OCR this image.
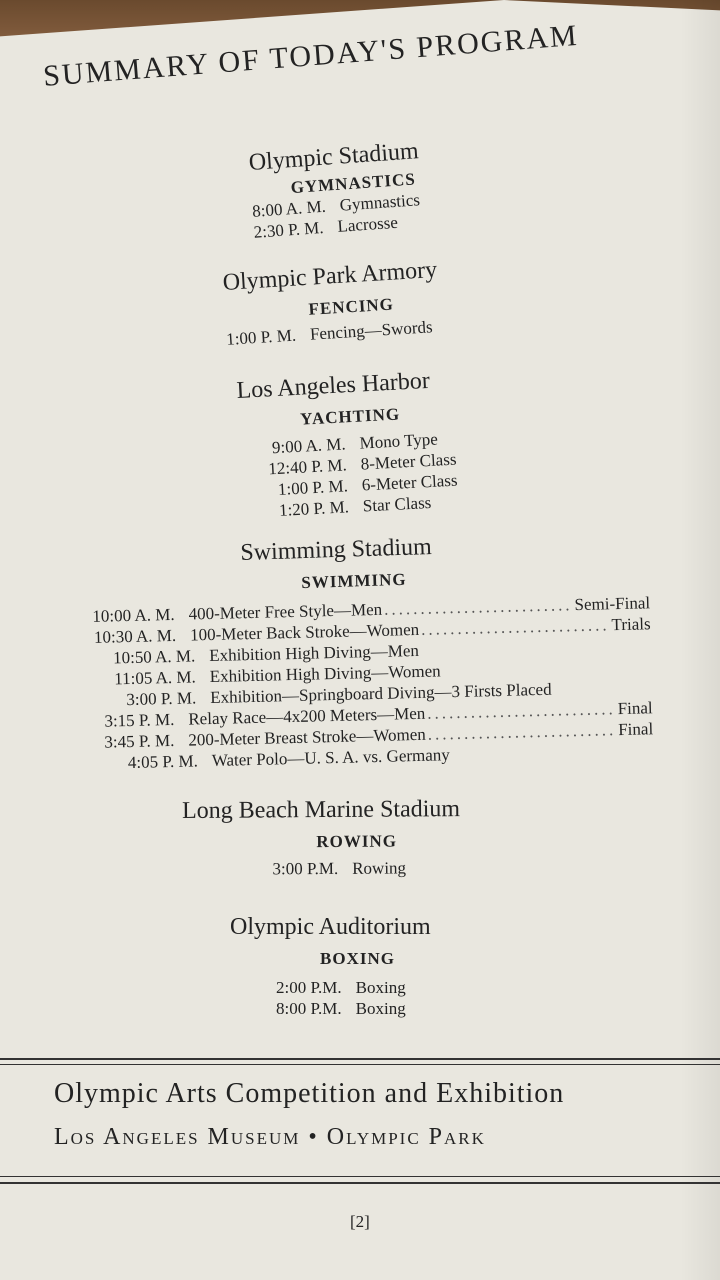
SUMMARY OF TODAY'S PROGRAM
Olympic Stadium
GYMNASTICS
8:00 A. M. Gymnastics
2:30 P. M. Lacrosse
Olympic Park Armory
FENCING
1:00 P. M. Fencing—Swords
Los Angeles Harbor
YACHTING
9:00 A. M. Mono Type
12:40 P. M. 8-Meter Class
1:00 P. M. 6-Meter Class
1:20 P. M. Star Class
Swimming Stadium
SWIMMING
10:00 A. M. 400-Meter Free Style—Men .......................... Semi-Final
10:30 A. M. 100-Meter Back Stroke—Women .......................... Trials
10:50 A. M. Exhibition High Diving—Men
11:05 A. M. Exhibition High Diving—Women
3:00 P. M. Exhibition—Springboard Diving—3 Firsts Placed
3:15 P. M. Relay Race—4x200 Meters—Men .......................... Final
3:45 P. M. 200-Meter Breast Stroke—Women .......................... Final
4:05 P. M. Water Polo—U. S. A. vs. Germany
Long Beach Marine Stadium
ROWING
3:00 P.M. Rowing
Olympic Auditorium
BOXING
2:00 P.M. Boxing
8:00 P.M. Boxing
Olympic Arts Competition and Exhibition
Los Angeles Museum • Olympic Park
[2]
